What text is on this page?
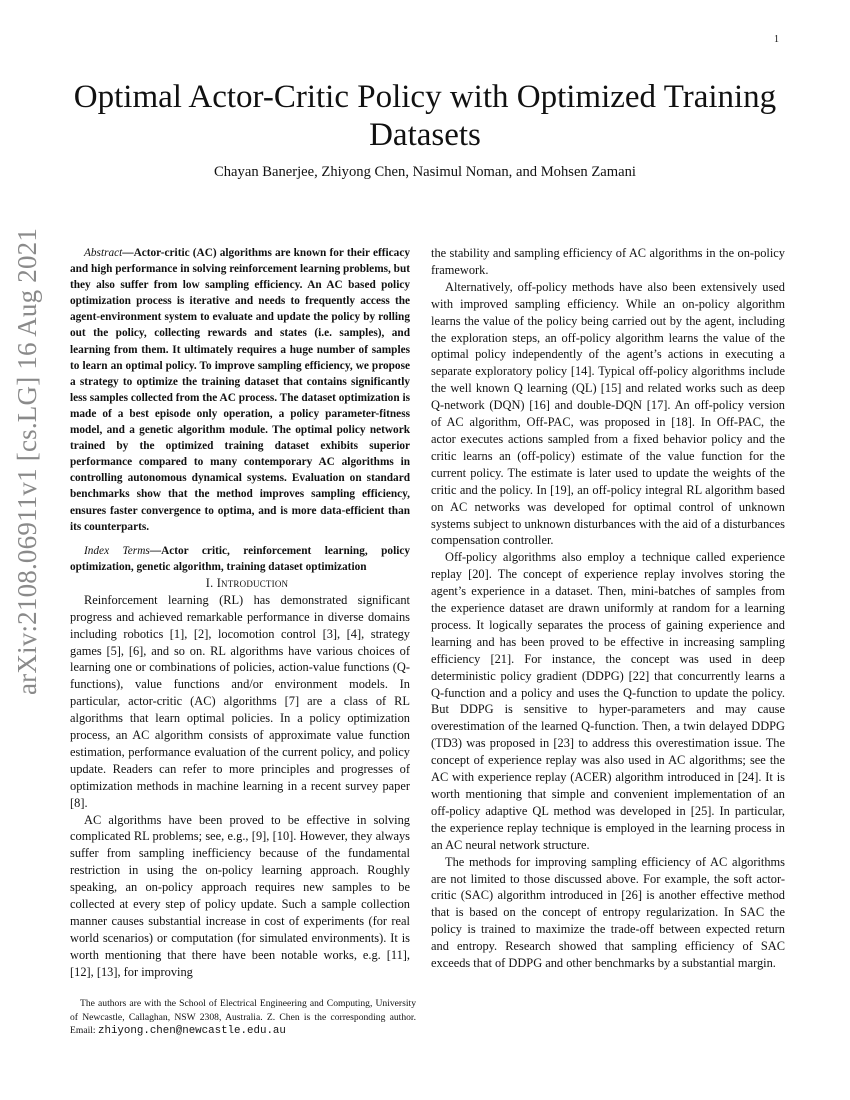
1
arXiv:2108.06911v1 [cs.LG] 16 Aug 2021
Optimal Actor-Critic Policy with Optimized Training Datasets
Chayan Banerjee, Zhiyong Chen, Nasimul Noman, and Mohsen Zamani

Abstract—Actor-critic (AC) algorithms are known for their efficacy and high performance in solving reinforcement learning problems, but they also suffer from low sampling efficiency. An AC based policy optimization process is iterative and needs to frequently access the agent-environment system to evaluate and update the policy by rolling out the policy, collecting rewards and states (i.e. samples), and learning from them. It ultimately requires a huge number of samples to learn an optimal policy. To improve sampling efficiency, we propose a strategy to optimize the training dataset that contains significantly less samples collected from the AC process. The dataset optimization is made of a best episode only operation, a policy parameter-fitness model, and a genetic algorithm module. The optimal policy network trained by the optimized training dataset exhibits superior performance compared to many contemporary AC algorithms in controlling autonomous dynamical systems. Evaluation on standard benchmarks show that the method improves sampling efficiency, ensures faster convergence to optima, and is more data-efficient than its counterparts.

Index Terms—Actor critic, reinforcement learning, policy optimization, genetic algorithm, training dataset optimization

I. Introduction

Reinforcement learning (RL) has demonstrated significant progress and achieved remarkable performance in diverse domains including robotics [1], [2], locomotion control [3], [4], strategy games [5], [6], and so on. RL algorithms have various choices of learning one or combinations of policies, action-value functions (Q-functions), value functions and/or environment models. In particular, actor-critic (AC) algorithms [7] are a class of RL algorithms that learn optimal policies. In a policy optimization process, an AC algorithm consists of approximate value function estimation, performance evaluation of the current policy, and policy update. Readers can refer to more principles and progresses of optimization methods in machine learning in a recent survey paper [8].

AC algorithms have been proved to be effective in solving complicated RL problems; see, e.g., [9], [10]. However, they always suffer from sampling inefficiency because of the fundamental restriction in using the on-policy learning approach. Roughly speaking, an on-policy approach requires new samples to be collected at every step of policy update. Such a sample collection manner causes substantial increase in cost of experiments (for real world scenarios) or computation (for simulated environments). It is worth mentioning that there have been notable works, e.g. [11], [12], [13], for improving

the stability and sampling efficiency of AC algorithms in the on-policy framework.

Alternatively, off-policy methods have also been extensively used with improved sampling efficiency. While an on-policy algorithm learns the value of the policy being carried out by the agent, including the exploration steps, an off-policy algorithm learns the value of the optimal policy independently of the agent’s actions in executing a separate exploratory policy [14]. Typical off-policy algorithms include the well known Q learning (QL) [15] and related works such as deep Q-network (DQN) [16] and double-DQN [17]. An off-policy version of AC algorithm, Off-PAC, was proposed in [18]. In Off-PAC, the actor executes actions sampled from a fixed behavior policy and the critic learns an (off-policy) estimate of the value function for the current policy. The estimate is later used to update the weights of the critic and the policy. In [19], an off-policy integral RL algorithm based on AC networks was developed for optimal control of unknown systems subject to unknown disturbances with the aid of a disturbances compensation controller.

Off-policy algorithms also employ a technique called experience replay [20]. The concept of experience replay involves storing the agent’s experience in a dataset. Then, mini-batches of samples from the experience dataset are drawn uniformly at random for a learning process. It logically separates the process of gaining experience and learning and has been proved to be effective in increasing sampling efficiency [21]. For instance, the concept was used in deep deterministic policy gradient (DDPG) [22] that concurrently learns a Q-function and a policy and uses the Q-function to update the policy. But DDPG is sensitive to hyper-parameters and may cause overestimation of the learned Q-function. Then, a twin delayed DDPG (TD3) was proposed in [23] to address this overestimation issue. The concept of experience replay was also used in AC algorithms; see the AC with experience replay (ACER) algorithm introduced in [24]. It is worth mentioning that simple and convenient implementation of an off-policy adaptive QL method was developed in [25]. In particular, the experience replay technique is employed in the learning process in an AC neural network structure.

The methods for improving sampling efficiency of AC algorithms are not limited to those discussed above. For example, the soft actor-critic (SAC) algorithm introduced in [26] is another effective method that is based on the concept of entropy regularization. In SAC the policy is trained to maximize the trade-off between expected return and entropy. Research showed that sampling efficiency of SAC exceeds that of DDPG and other benchmarks by a substantial margin.

The authors are with the School of Electrical Engineering and Computing, University of Newcastle, Callaghan, NSW 2308, Australia. Z. Chen is the corresponding author. Email: zhiyong.chen@newcastle.edu.au
